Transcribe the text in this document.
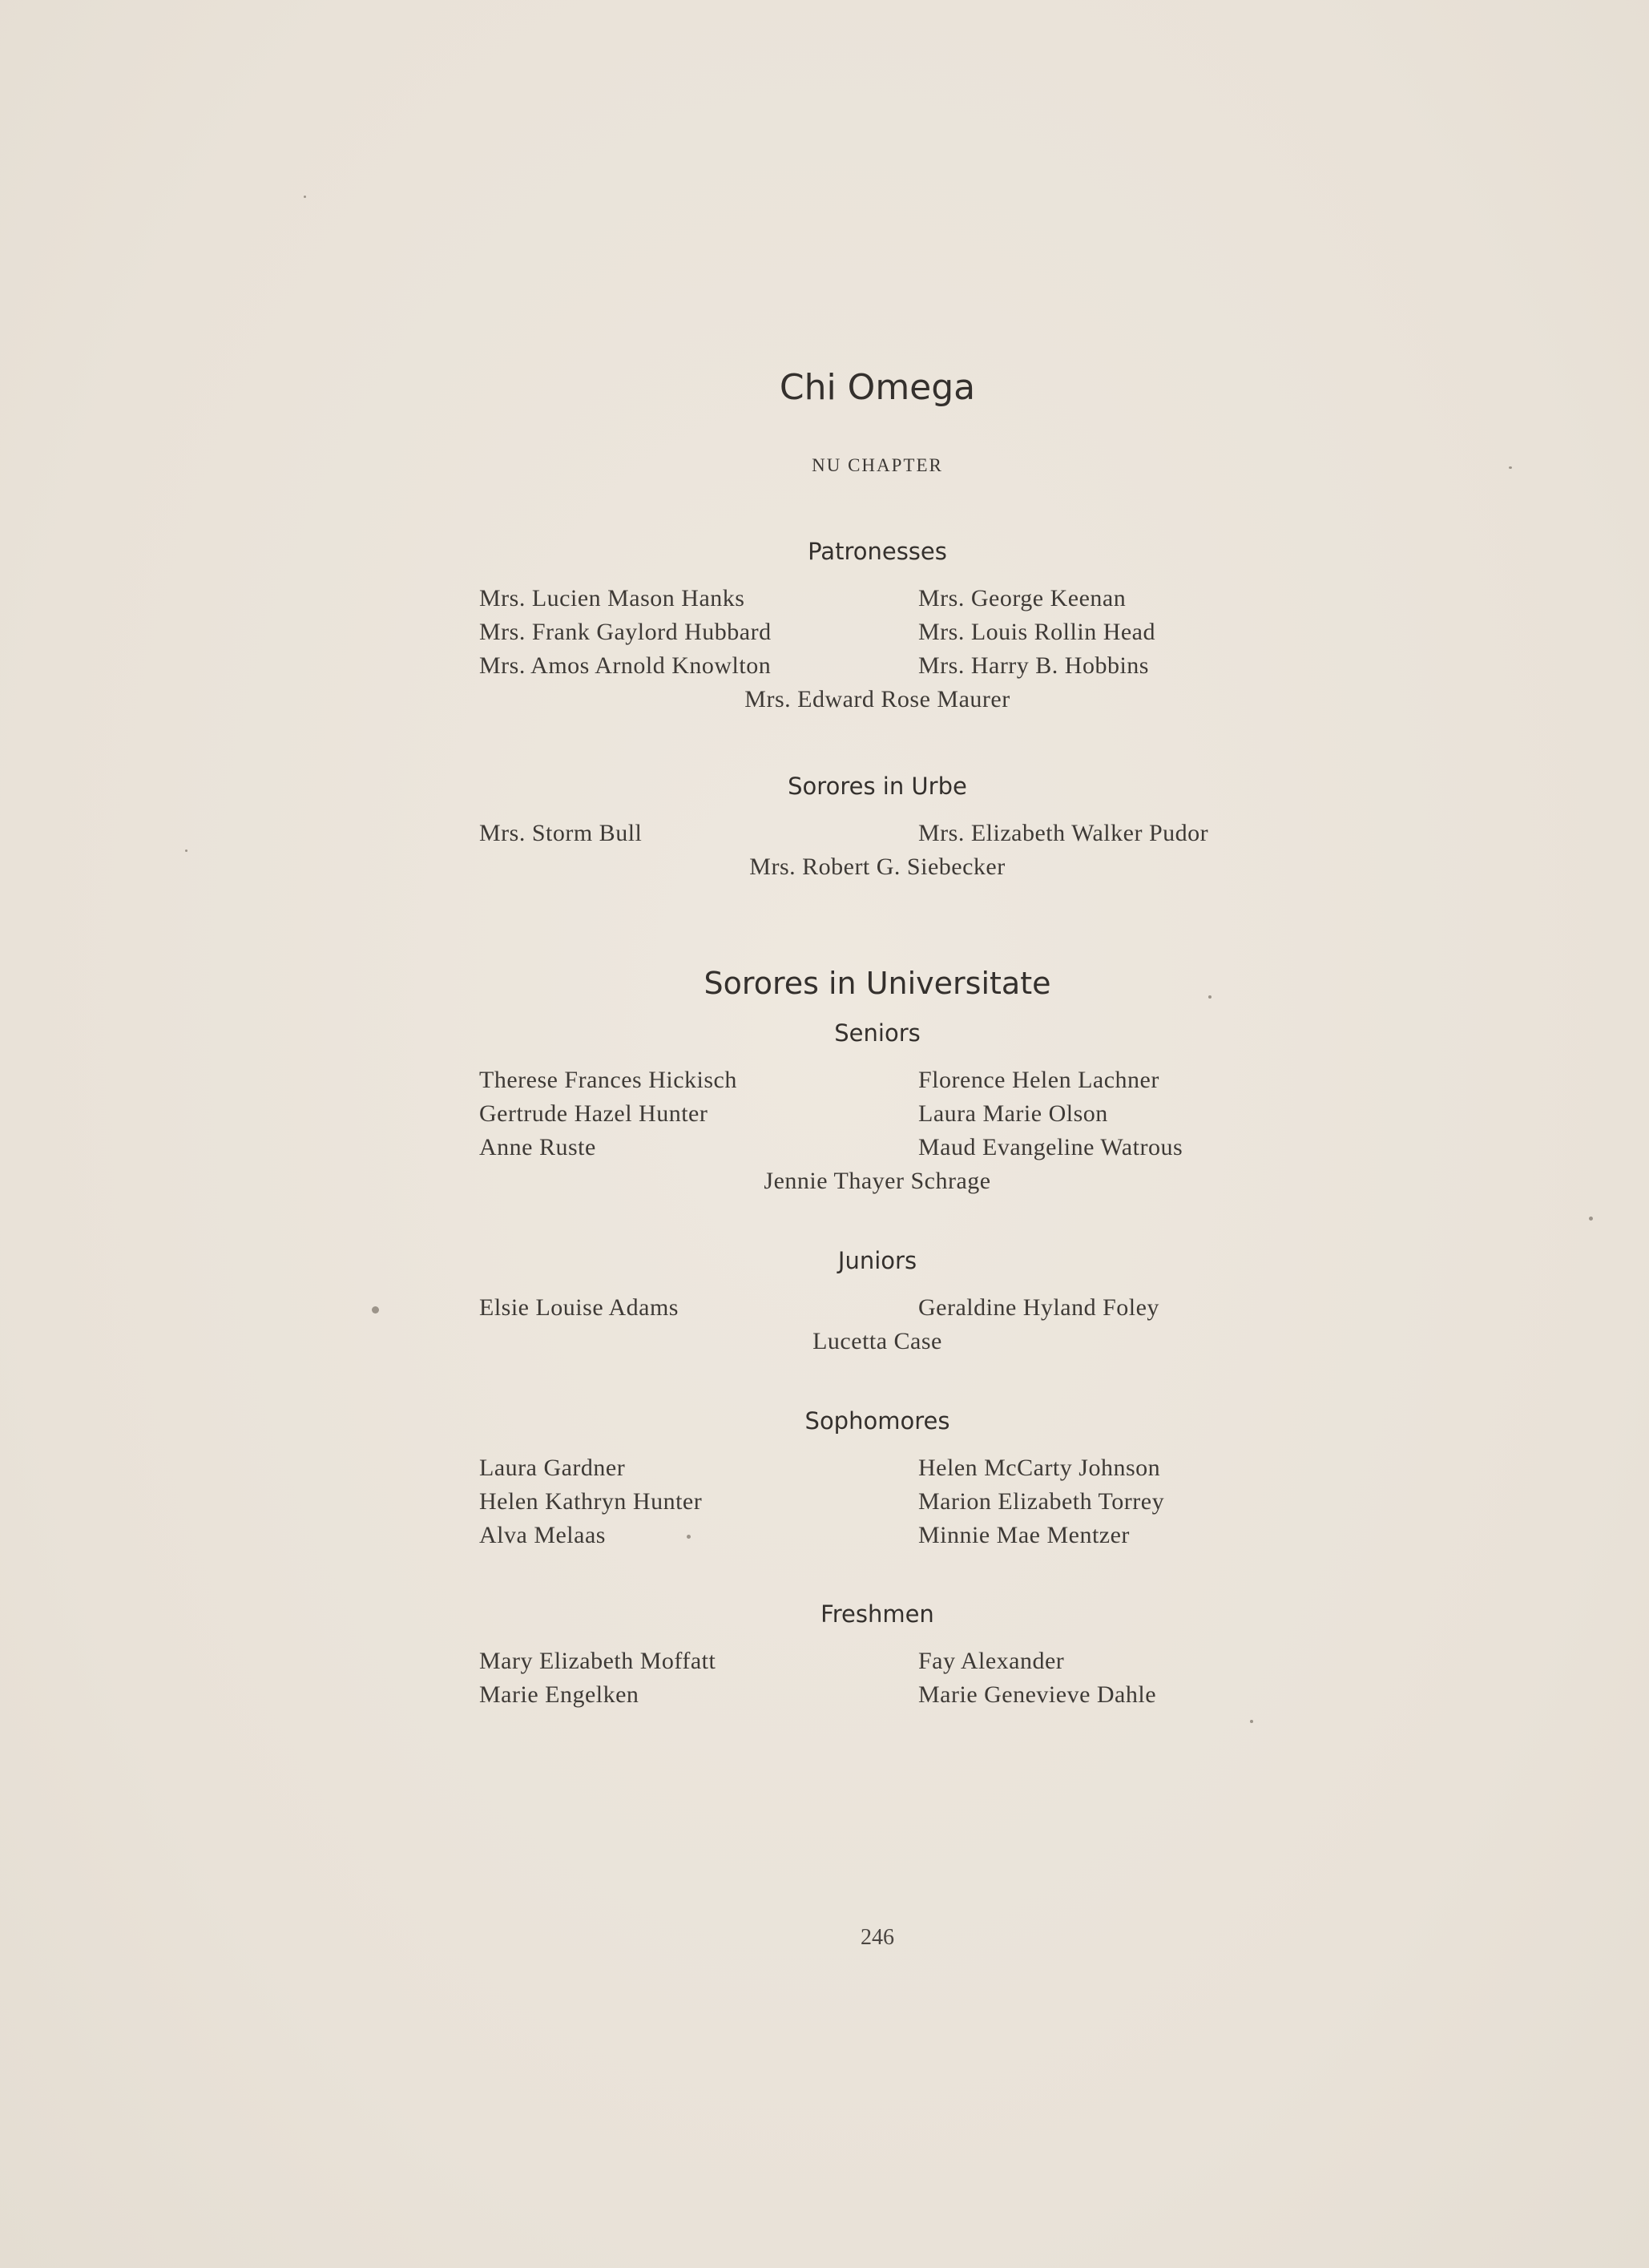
Chi Omega
NU CHAPTER
Patronesses
Mrs. Lucien Mason Hanks	Mrs. George Keenan
Mrs. Frank Gaylord Hubbard	Mrs. Louis Rollin Head
Mrs. Amos Arnold Knowlton	Mrs. Harry B. Hobbins
Mrs. Edward Rose Maurer
Sorores in Urbe
Mrs. Storm Bull	Mrs. Elizabeth Walker Pudor
Mrs. Robert G. Siebecker
Sorores in Universitate
Seniors
Therese Frances Hickisch	Florence Helen Lachner
Gertrude Hazel Hunter	Laura Marie Olson
Anne Ruste	Maud Evangeline Watrous
Jennie Thayer Schrage
Juniors
Elsie Louise Adams	Geraldine Hyland Foley
Lucetta Case
Sophomores
Laura Gardner	Helen McCarty Johnson
Helen Kathryn Hunter	Marion Elizabeth Torrey
Alva Melaas	Minnie Mae Mentzer
Freshmen
Mary Elizabeth Moffatt	Fay Alexander
Marie Engelken	Marie Genevieve Dahle
246
